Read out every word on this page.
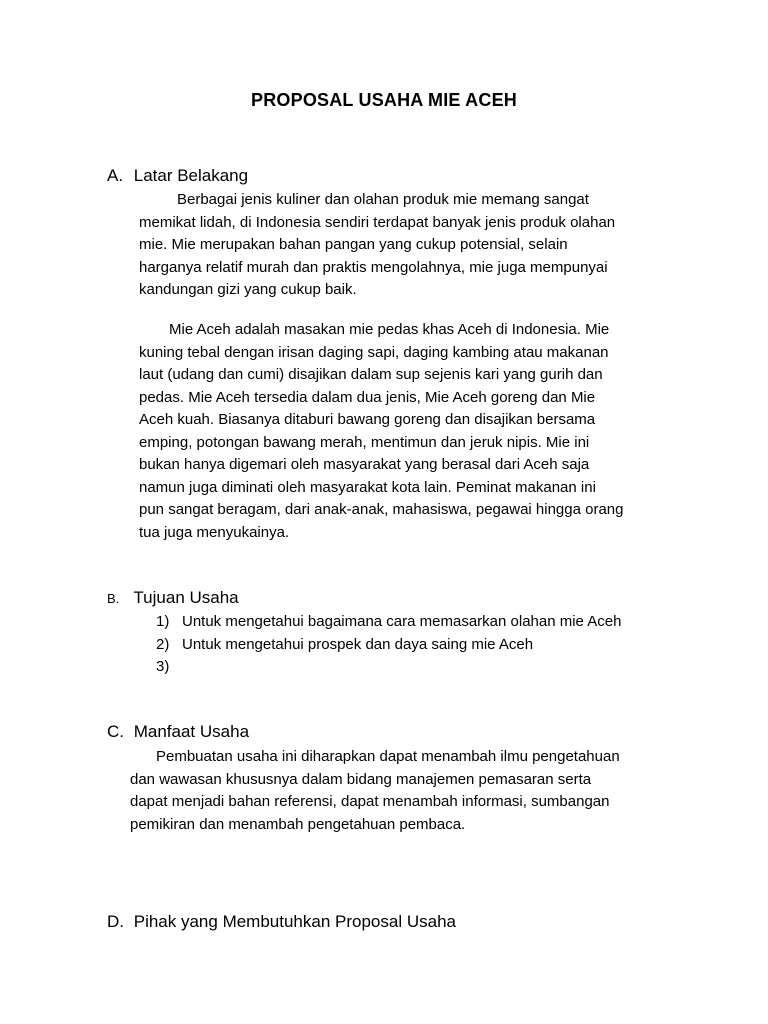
PROPOSAL USAHA MIE ACEH
A. Latar Belakang
Berbagai jenis kuliner dan olahan produk mie memang sangat
memikat lidah, di Indonesia sendiri terdapat banyak jenis produk olahan
mie. Mie merupakan bahan pangan yang cukup potensial, selain
harganya relatif murah dan praktis mengolahnya, mie juga mempunyai
kandungan gizi yang cukup baik.
Mie Aceh adalah masakan mie pedas khas Aceh di Indonesia. Mie
kuning tebal dengan irisan daging sapi, daging kambing atau makanan
laut (udang dan cumi) disajikan dalam sup sejenis kari yang gurih dan
pedas. Mie Aceh tersedia dalam dua jenis, Mie Aceh goreng dan Mie
Aceh kuah. Biasanya ditaburi bawang goreng dan disajikan bersama
emping, potongan bawang merah, mentimun dan jeruk nipis. Mie ini
bukan hanya digemari oleh masyarakat yang berasal dari Aceh saja
namun juga diminati oleh masyarakat kota lain. Peminat makanan ini
pun sangat beragam, dari anak-anak, mahasiswa, pegawai hingga orang
tua juga menyukainya.
B. Tujuan Usaha
1) Untuk mengetahui bagaimana cara memasarkan olahan mie Aceh
2) Untuk mengetahui prospek dan daya saing mie Aceh
3)
C. Manfaat Usaha
Pembuatan usaha ini diharapkan dapat menambah ilmu pengetahuan
dan wawasan khususnya dalam bidang manajemen pemasaran serta
dapat menjadi bahan referensi, dapat menambah informasi, sumbangan
pemikiran dan menambah pengetahuan pembaca.
D. Pihak yang Membutuhkan Proposal Usaha
